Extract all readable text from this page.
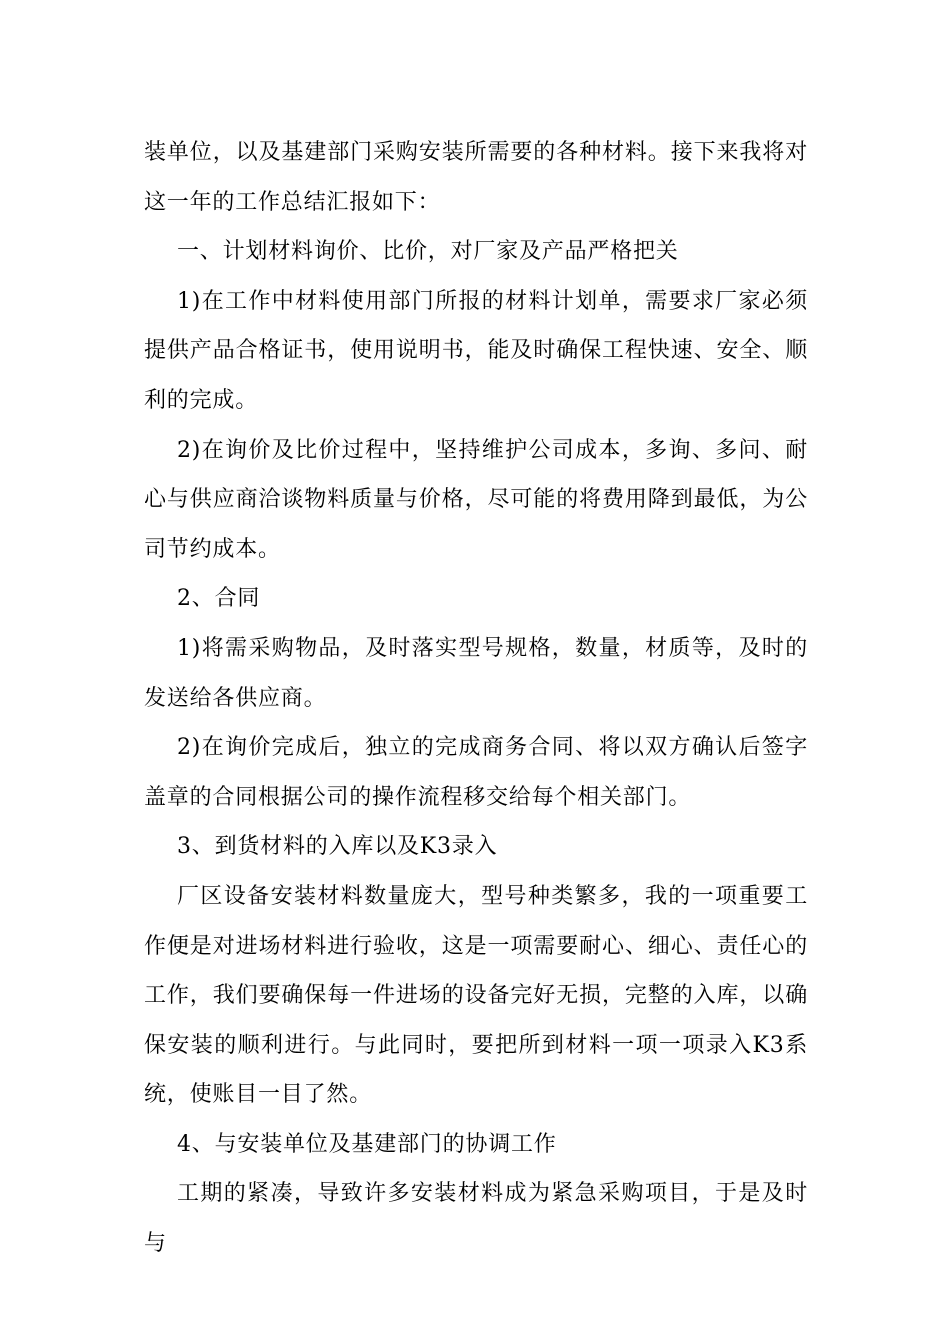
装单位，以及基建部门采购安装所需要的各种材料。接下来我将对这一年的工作总结汇报如下：

一、计划材料询价、比价，对厂家及产品严格把关

1)在工作中材料使用部门所报的材料计划单，需要求厂家必须提供产品合格证书，使用说明书，能及时确保工程快速、安全、顺利的完成。

2)在询价及比价过程中，坚持维护公司成本，多询、多问、耐心与供应商洽谈物料质量与价格，尽可能的将费用降到最低，为公司节约成本。

2、合同

1)将需采购物品，及时落实型号规格，数量，材质等，及时的发送给各供应商。

2)在询价完成后，独立的完成商务合同、将以双方确认后签字盖章的合同根据公司的操作流程移交给每个相关部门。

3、到货材料的入库以及K3录入

厂区设备安装材料数量庞大，型号种类繁多，我的一项重要工作便是对进场材料进行验收，这是一项需要耐心、细心、责任心的工作，我们要确保每一件进场的设备完好无损，完整的入库，以确保安装的顺利进行。与此同时，要把所到材料一项一项录入K3系统，使账目一目了然。

4、与安装单位及基建部门的协调工作

工期的紧凑，导致许多安装材料成为紧急采购项目，于是及时与
